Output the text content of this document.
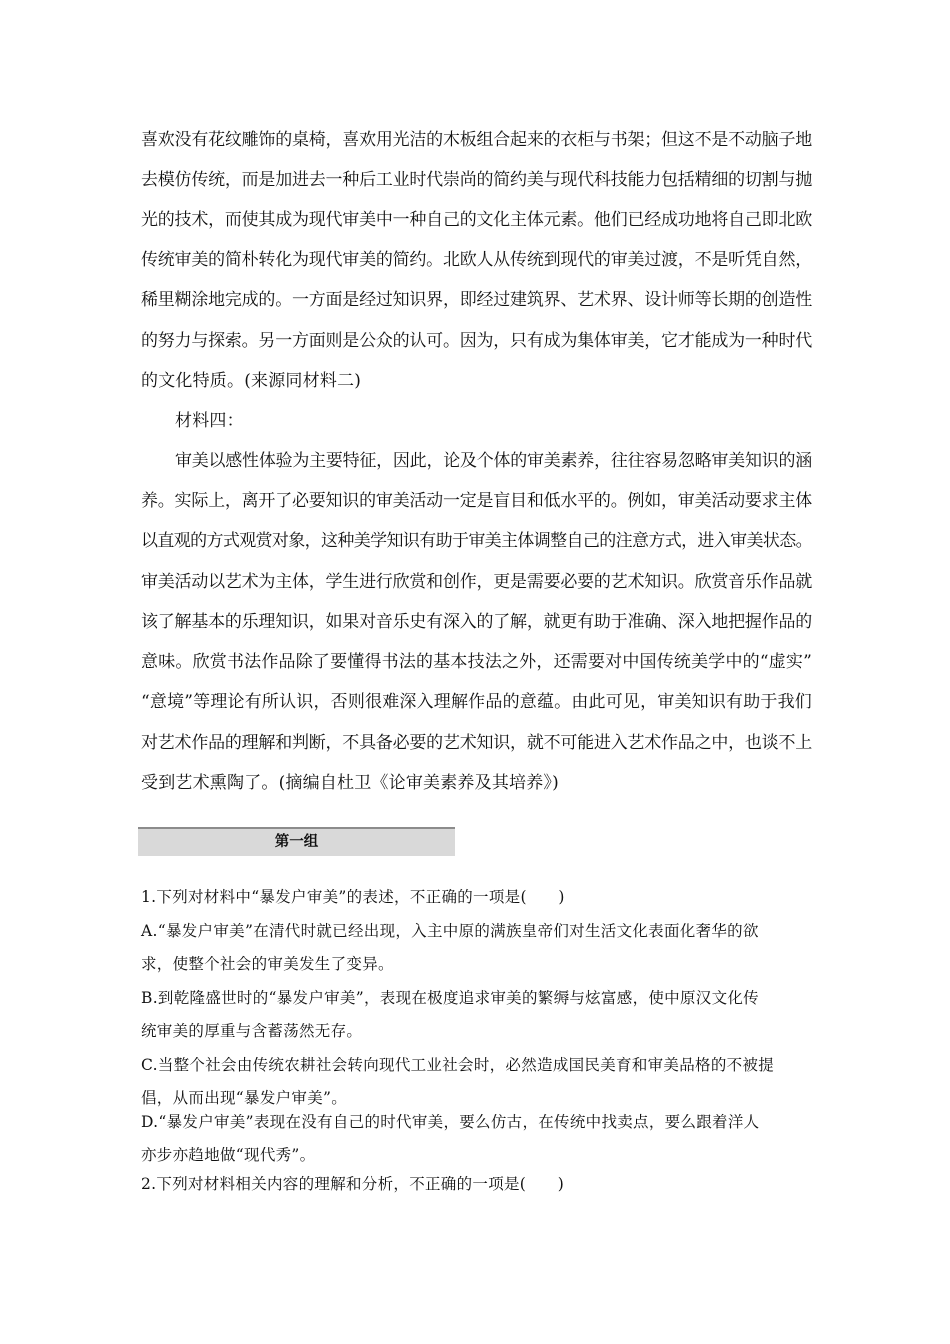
喜欢没有花纹雕饰的桌椅，喜欢用光洁的木板组合起来的衣柜与书架；但这不是不动脑子地
去模仿传统，而是加进去一种后工业时代崇尚的简约美与现代科技能力包括精细的切割与抛
光的技术，而使其成为现代审美中一种自己的文化主体元素。他们已经成功地将自己即北欧
传统审美的简朴转化为现代审美的简约。北欧人从传统到现代的审美过渡，不是听凭自然，
稀里糊涂地完成的。一方面是经过知识界，即经过建筑界、艺术界、设计师等长期的创造性
的努力与探索。另一方面则是公众的认可。因为，只有成为集体审美，它才能成为一种时代
的文化特质。(来源同材料二)
材料四：
审美以感性体验为主要特征，因此，论及个体的审美素养，往往容易忽略审美知识的涵
养。实际上，离开了必要知识的审美活动一定是盲目和低水平的。例如，审美活动要求主体
以直观的方式观赏对象，这种美学知识有助于审美主体调整自己的注意方式，进入审美状态。
审美活动以艺术为主体，学生进行欣赏和创作，更是需要必要的艺术知识。欣赏音乐作品就
该了解基本的乐理知识，如果对音乐史有深入的了解，就更有助于准确、深入地把握作品的
意味。欣赏书法作品除了要懂得书法的基本技法之外，还需要对中国传统美学中的“虚实”
“意境”等理论有所认识，否则很难深入理解作品的意蕴。由此可见，审美知识有助于我们
对艺术作品的理解和判断，不具备必要的艺术知识，就不可能进入艺术作品之中，也谈不上
受到艺术熏陶了。(摘编自杜卫《论审美素养及其培养》)
第一组
1.下列对材料中“暴发户审美”的表述，不正确的一项是(　　)
A.“暴发户审美”在清代时就已经出现，入主中原的满族皇帝们对生活文化表面化奢华的欲
求，使整个社会的审美发生了变异。
B.到乾隆盛世时的“暴发户审美”，表现在极度追求审美的繁缛与炫富感，使中原汉文化传
统审美的厚重与含蓄荡然无存。
C.当整个社会由传统农耕社会转向现代工业社会时，必然造成国民美育和审美品格的不被提
倡，从而出现“暴发户审美”。
D.“暴发户审美”表现在没有自己的时代审美，要么仿古，在传统中找卖点，要么跟着洋人
亦步亦趋地做“现代秀”。
2.下列对材料相关内容的理解和分析，不正确的一项是(　　)
